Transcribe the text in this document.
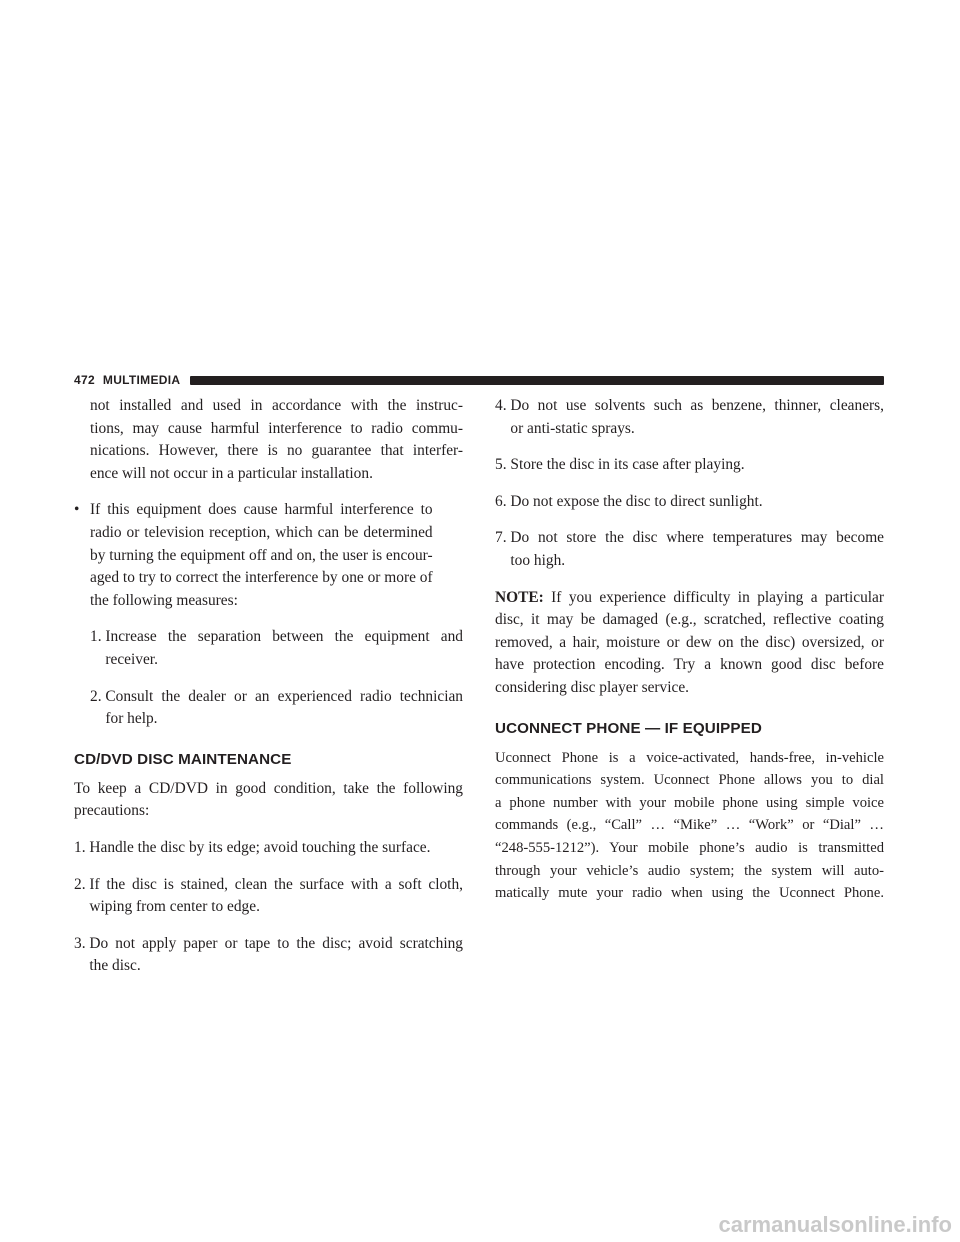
472 MULTIMEDIA

not installed and used in accordance with the instruc-

tions, may cause harmful interference to radio commu-

nications. However, there is no guarantee that interfer-

ence will not occur in a particular installation.

• If this equipment does cause harmful interference to

radio or television reception, which can be determined

by turning the equipment off and on, the user is encour-

aged to try to correct the interference by one or more of

the following measures:

1. Increase the separation between the equipment and

receiver.

2. Consult the dealer or an experienced radio technician

for help.

CD/DVD DISC MAINTENANCE

To keep a CD/DVD in good condition, take the following

precautions:

1. Handle the disc by its edge; avoid touching the surface.

2. If the disc is stained, clean the surface with a soft cloth,

wiping from center to edge.

3. Do not apply paper or tape to the disc; avoid scratching

the disc.

4. Do not use solvents such as benzene, thinner, cleaners,

or anti-static sprays.

5. Store the disc in its case after playing.

6. Do not expose the disc to direct sunlight.

7. Do not store the disc where temperatures may become

too high.

NOTE: If you experience difficulty in playing a particular

disc, it may be damaged (e.g., scratched, reflective coating

removed, a hair, moisture or dew on the disc) oversized, or

have protection encoding. Try a known good disc before

considering disc player service.

UCONNECT PHONE — IF EQUIPPED

Uconnect Phone is a voice-activated, hands-free, in-vehicle

communications system. Uconnect Phone allows you to dial

a phone number with your mobile phone using simple voice

commands (e.g., “Call” … “Mike” … “Work” or “Dial” …

“248-555-1212”). Your mobile phone’s audio is transmitted

through your vehicle’s audio system; the system will auto-

matically mute your radio when using the Uconnect Phone.

carmanualsonline.info
